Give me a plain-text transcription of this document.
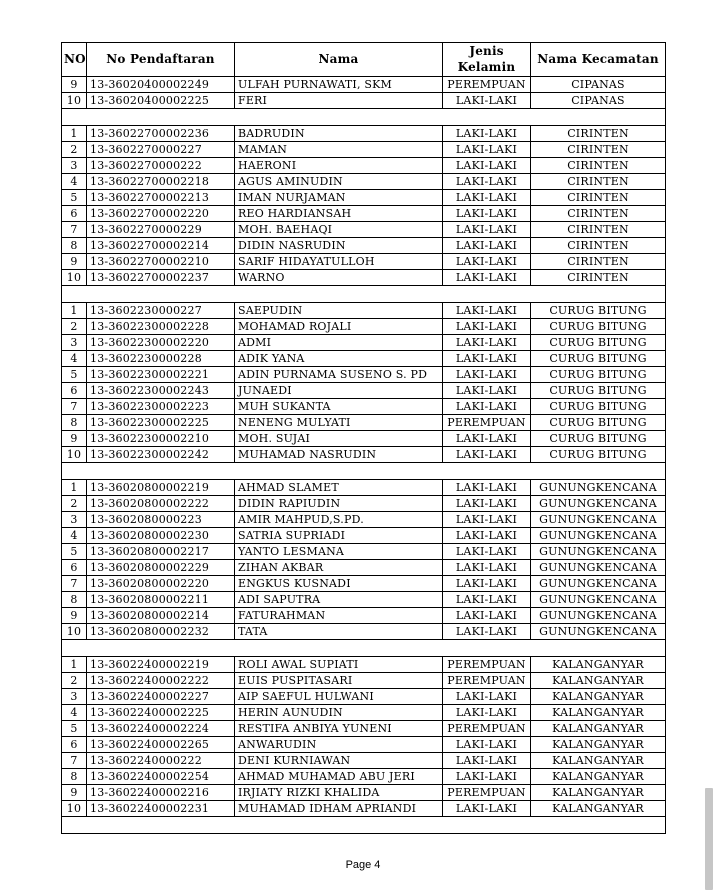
NO	No Pendaftaran	Nama	Jenis Kelamin	Nama Kecamatan
9	13-36020400002249	ULFAH PURNAWATI, SKM	PEREMPUAN	CIPANAS
10	13-36020400002225	FERI	LAKI-LAKI	CIPANAS

1	13-36022700002236	BADRUDIN	LAKI-LAKI	CIRINTEN
2	13-3602270000227	MAMAN	LAKI-LAKI	CIRINTEN
3	13-3602270000222	HAERONI	LAKI-LAKI	CIRINTEN
4	13-36022700002218	AGUS AMINUDIN	LAKI-LAKI	CIRINTEN
5	13-36022700002213	IMAN NURJAMAN	LAKI-LAKI	CIRINTEN
6	13-36022700002220	REO HARDIANSAH	LAKI-LAKI	CIRINTEN
7	13-3602270000229	MOH. BAEHAQI	LAKI-LAKI	CIRINTEN
8	13-36022700002214	DIDIN NASRUDIN	LAKI-LAKI	CIRINTEN
9	13-36022700002210	SARIF HIDAYATULLOH	LAKI-LAKI	CIRINTEN
10	13-36022700002237	WARNO	LAKI-LAKI	CIRINTEN

1	13-3602230000227	SAEPUDIN	LAKI-LAKI	CURUG BITUNG
2	13-36022300002228	MOHAMAD ROJALI	LAKI-LAKI	CURUG BITUNG
3	13-36022300002220	ADMI	LAKI-LAKI	CURUG BITUNG
4	13-3602230000228	ADIK YANA	LAKI-LAKI	CURUG BITUNG
5	13-36022300002221	ADIN PURNAMA SUSENO S. PD	LAKI-LAKI	CURUG BITUNG
6	13-36022300002243	JUNAEDI	LAKI-LAKI	CURUG BITUNG
7	13-36022300002223	MUH SUKANTA	LAKI-LAKI	CURUG BITUNG
8	13-36022300002225	NENENG MULYATI	PEREMPUAN	CURUG BITUNG
9	13-36022300002210	MOH. SUJAI	LAKI-LAKI	CURUG BITUNG
10	13-36022300002242	MUHAMAD NASRUDIN	LAKI-LAKI	CURUG BITUNG

1	13-36020800002219	AHMAD SLAMET	LAKI-LAKI	GUNUNGKENCANA
2	13-36020800002222	DIDIN RAPIUDIN	LAKI-LAKI	GUNUNGKENCANA
3	13-3602080000223	AMIR MAHPUD,S.PD.	LAKI-LAKI	GUNUNGKENCANA
4	13-36020800002230	SATRIA SUPRIADI	LAKI-LAKI	GUNUNGKENCANA
5	13-36020800002217	YANTO LESMANA	LAKI-LAKI	GUNUNGKENCANA
6	13-36020800002229	ZIHAN AKBAR	LAKI-LAKI	GUNUNGKENCANA
7	13-36020800002220	ENGKUS KUSNADI	LAKI-LAKI	GUNUNGKENCANA
8	13-36020800002211	ADI SAPUTRA	LAKI-LAKI	GUNUNGKENCANA
9	13-36020800002214	FATURAHMAN	LAKI-LAKI	GUNUNGKENCANA
10	13-36020800002232	TATA	LAKI-LAKI	GUNUNGKENCANA

1	13-36022400002219	ROLI AWAL SUPIATI	PEREMPUAN	KALANGANYAR
2	13-36022400002222	EUIS PUSPITASARI	PEREMPUAN	KALANGANYAR
3	13-36022400002227	AIP SAEFUL HULWANI	LAKI-LAKI	KALANGANYAR
4	13-36022400002225	HERIN AUNUDIN	LAKI-LAKI	KALANGANYAR
5	13-36022400002224	RESTIFA ANBIYA YUNENI	PEREMPUAN	KALANGANYAR
6	13-36022400002265	ANWARUDIN	LAKI-LAKI	KALANGANYAR
7	13-3602240000222	DENI KURNIAWAN	LAKI-LAKI	KALANGANYAR
8	13-36022400002254	AHMAD MUHAMAD ABU JERI	LAKI-LAKI	KALANGANYAR
9	13-36022400002216	IRJIATY RIZKI KHALIDA	PEREMPUAN	KALANGANYAR
10	13-36022400002231	MUHAMAD IDHAM APRIANDI	LAKI-LAKI	KALANGANYAR

Page 4
